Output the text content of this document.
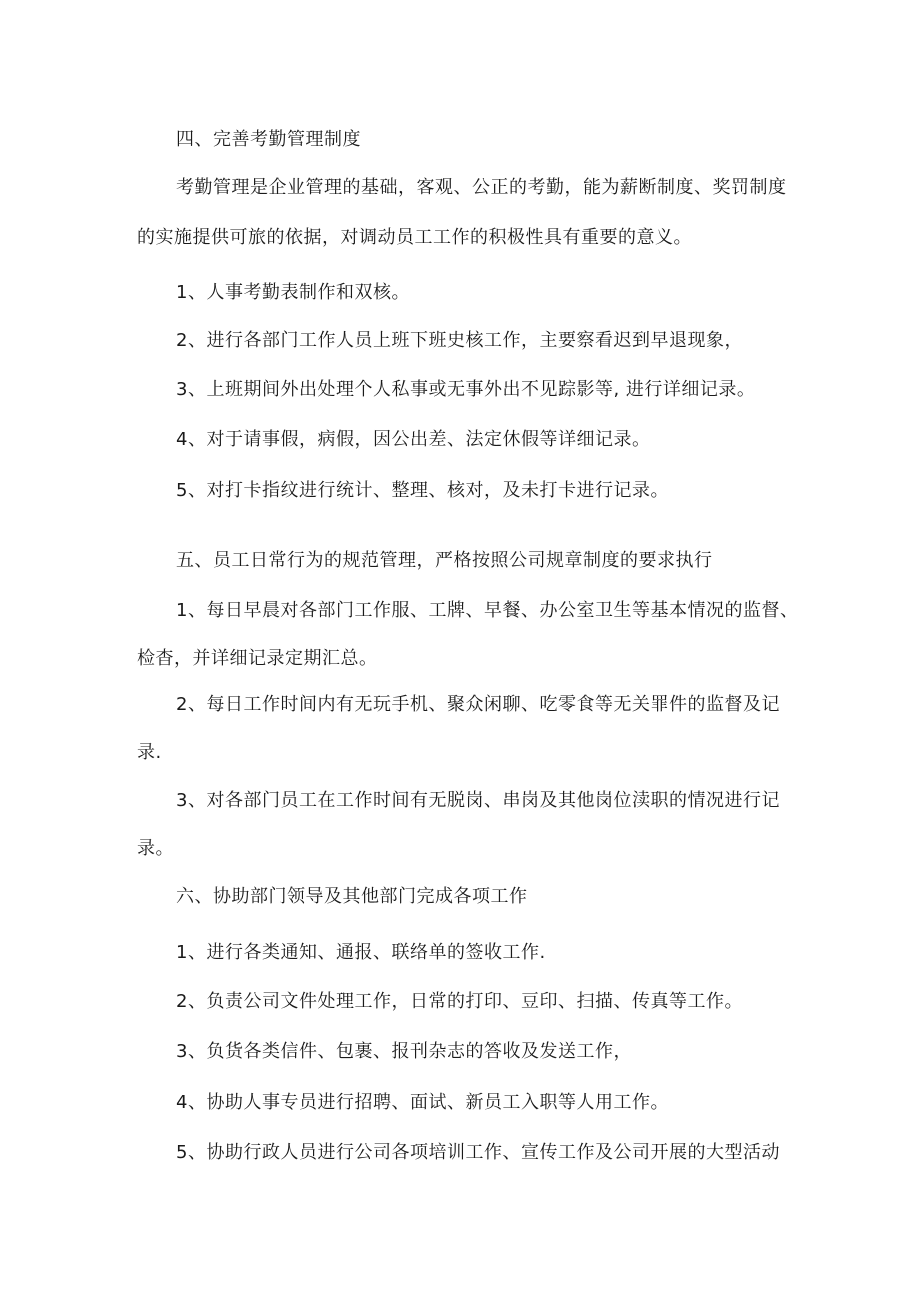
四、完善考勤管理制度
考勤管理是企业管理的基础，客观、公正的考勤，能为薪断制度、奖罚制度
的实施提供可旅的依据，对调动员工工作的积极性具有重要的意义。
1、人事考勤表制作和双核。
2、进行各部门工作人员上班下班史核工作，主要察看迟到早退现象，
3、上班期间外出处理个人私事或无事外出不见踪影等, 进行详细记录。
4、对于请事假，病假，因公出差、法定休假等详细记录。
5、对打卡指纹进行统计、整理、核对，及未打卡进行记录。
五、员工日常行为的规范管理，严格按照公司规章制度的要求执行
1、每日早晨对各部门工作服、工牌、早餐、办公室卫生等基本情况的监督、
检杳，并详细记录定期汇总。
2、每日工作时间内有无玩手机、聚众闲聊、吃零食等无关罪件的监督及记
录.
3、对各部门员工在工作时间有无脱岗、串岗及其他岗位渎职的情况进行记
录。
六、协助部门领导及其他部门完成各项工作
1、进行各类通知、通报、联络单的签收工作.
2、负责公司文件处理工作，日常的打印、豆印、扫描、传真等工作。
3、负货各类信件、包裹、报刊杂志的答收及发送工作，
4、协助人事专员进行招聘、面试、新员工入职等人用工作。
5、协助行政人员进行公司各项培训工作、宣传工作及公司开展的大型活动
